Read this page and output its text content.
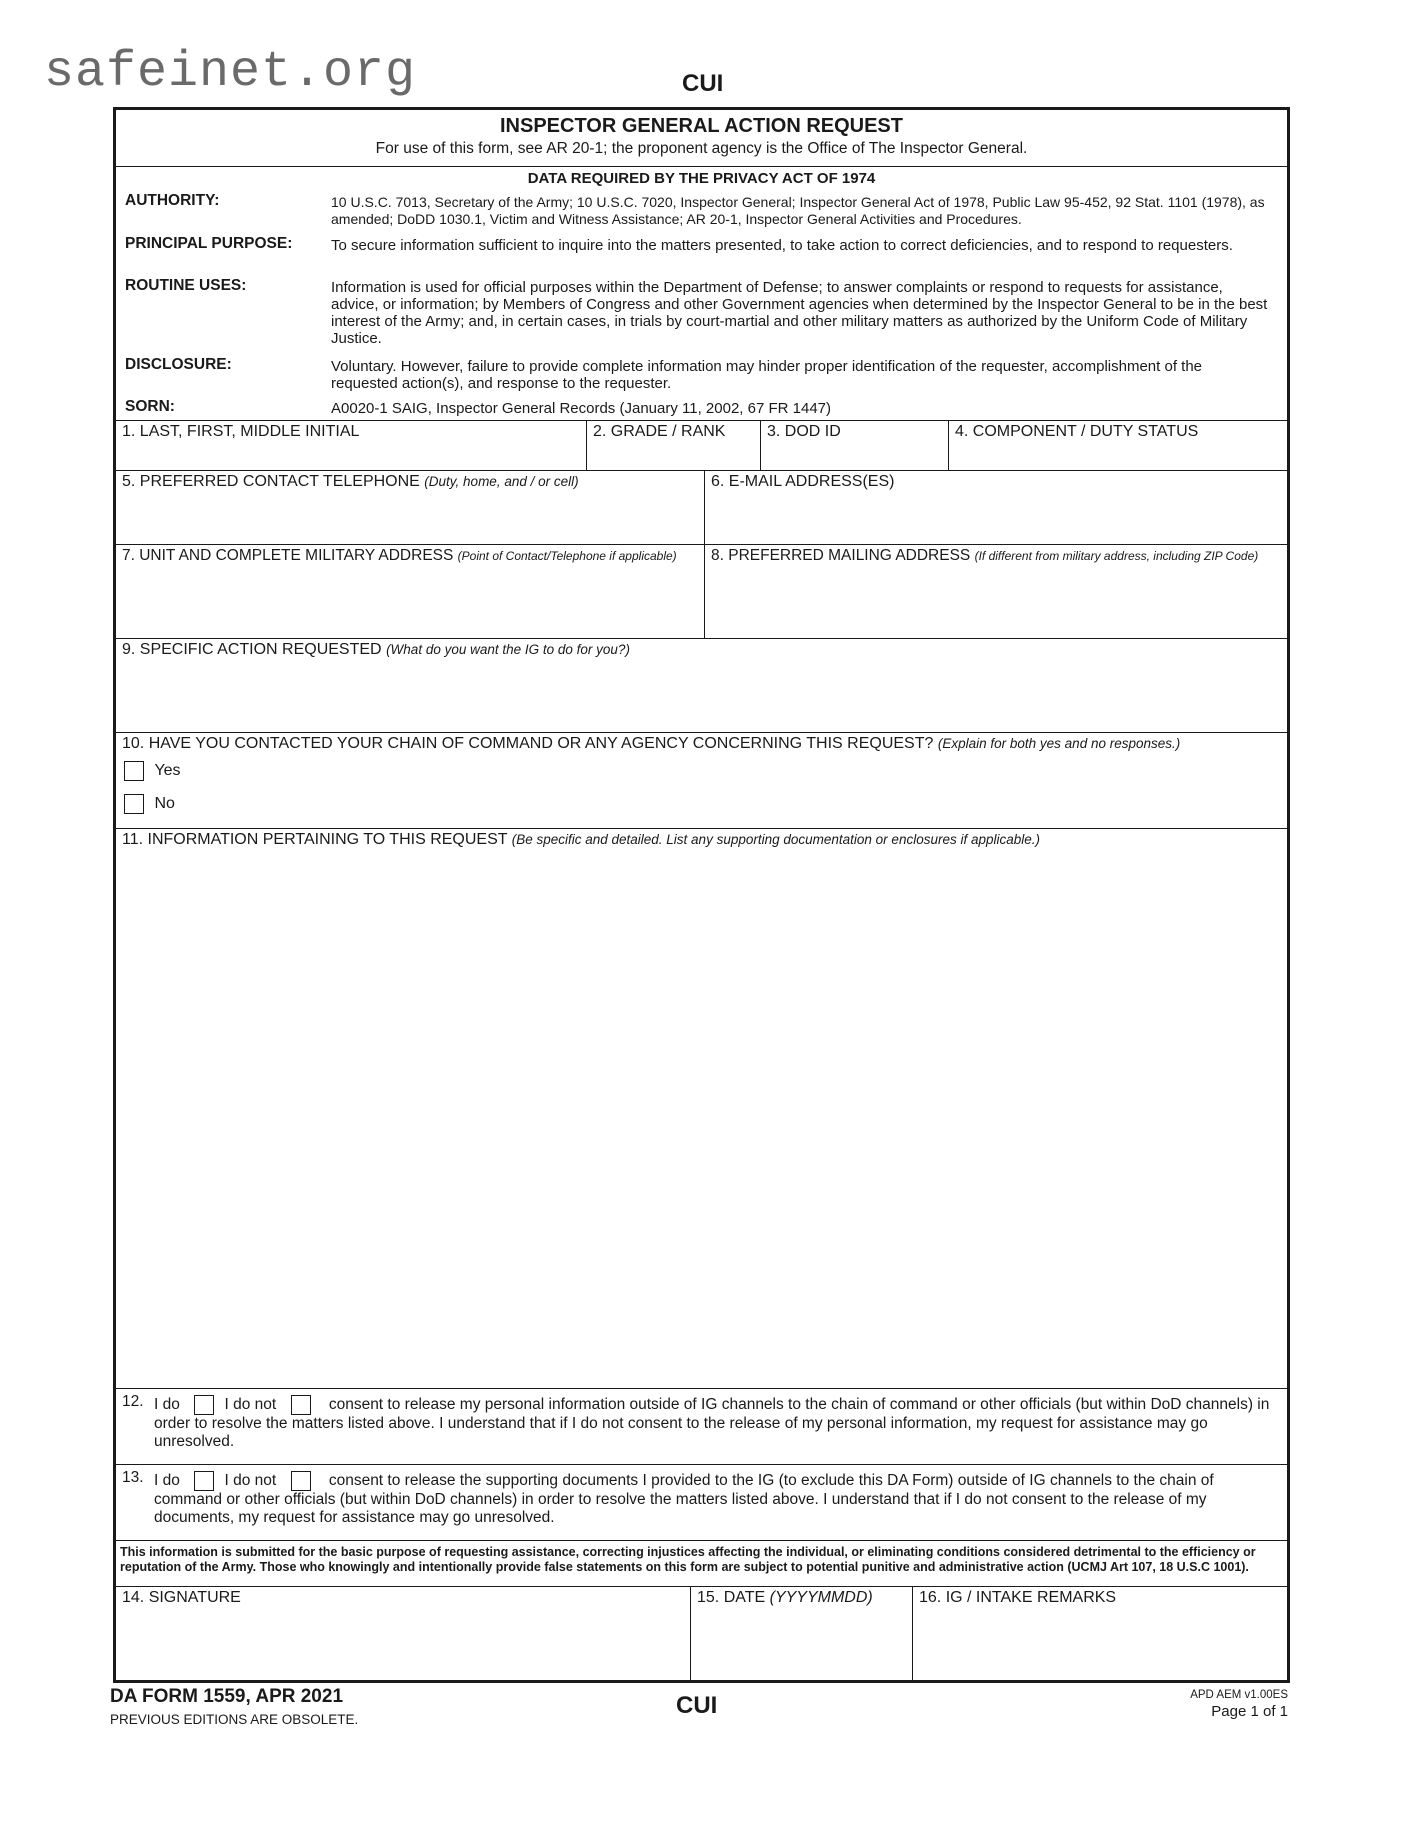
safeinet.org	CUI
INSPECTOR GENERAL ACTION REQUEST
For use of this form, see AR 20-1; the proponent agency is the Office of The Inspector General.
DATA REQUIRED BY THE PRIVACY ACT OF 1974
AUTHORITY:	10 U.S.C. 7013, Secretary of the Army; 10 U.S.C. 7020, Inspector General; Inspector General Act of 1978, Public Law 95-452, 92 Stat. 1101 (1978), as amended; DoDD 1030.1, Victim and Witness Assistance; AR 20-1, Inspector General Activities and Procedures.
PRINCIPAL PURPOSE:	To secure information sufficient to inquire into the matters presented, to take action to correct deficiencies, and to respond to requesters.
ROUTINE USES:	Information is used for official purposes within the Department of Defense; to answer complaints or respond to requests for assistance, advice, or information; by Members of Congress and other Government agencies when determined by the Inspector General to be in the best interest of the Army; and, in certain cases, in trials by court-martial and other military matters as authorized by the Uniform Code of Military Justice.
DISCLOSURE:	Voluntary. However, failure to provide complete information may hinder proper identification of the requester, accomplishment of the requested action(s), and response to the requester.
SORN:	A0020-1 SAIG, Inspector General Records (January 11, 2002, 67 FR 1447)
1. LAST, FIRST, MIDDLE INITIAL	2. GRADE / RANK	3. DOD ID	4. COMPONENT / DUTY STATUS
5. PREFERRED CONTACT TELEPHONE (Duty, home, and / or cell)	6. E-MAIL ADDRESS(ES)
7. UNIT AND COMPLETE MILITARY ADDRESS (Point of Contact/Telephone if applicable) 8. PREFERRED MAILING ADDRESS (If different from military address, including ZIP Code)
9. SPECIFIC ACTION REQUESTED (What do you want the IG to do for you?)
10. HAVE YOU CONTACTED YOUR CHAIN OF COMMAND OR ANY AGENCY CONCERNING THIS REQUEST? (Explain for both yes and no responses.)
Yes
No
11. INFORMATION PERTAINING TO THIS REQUEST (Be specific and detailed. List any supporting documentation or enclosures if applicable.)
12. I do	I do not	consent to release my personal information outside of IG channels to the chain of command or other officials (but within DoD channels) in order to resolve the matters listed above. I understand that if I do not consent to the release of my personal information, my request for assistance may go unresolved.
13. I do	I do not	consent to release the supporting documents I provided to the IG (to exclude this DA Form) outside of IG channels to the chain of command or other officials (but within DoD channels) in order to resolve the matters listed above. I understand that if I do not consent to the release of my documents, my request for assistance may go unresolved.
This information is submitted for the basic purpose of requesting assistance, correcting injustices affecting the individual, or eliminating conditions considered detrimental to the efficiency or reputation of the Army. Those who knowingly and intentionally provide false statements on this form are subject to potential punitive and administrative action (UCMJ Art 107, 18 U.S.C 1001).
14. SIGNATURE	15. DATE (YYYYMMDD)	16. IG / INTAKE REMARKS
DA FORM 1559, APR 2021
PREVIOUS EDITIONS ARE OBSOLETE.
CUI	APD AEM v1.00ES
Page 1 of 1
